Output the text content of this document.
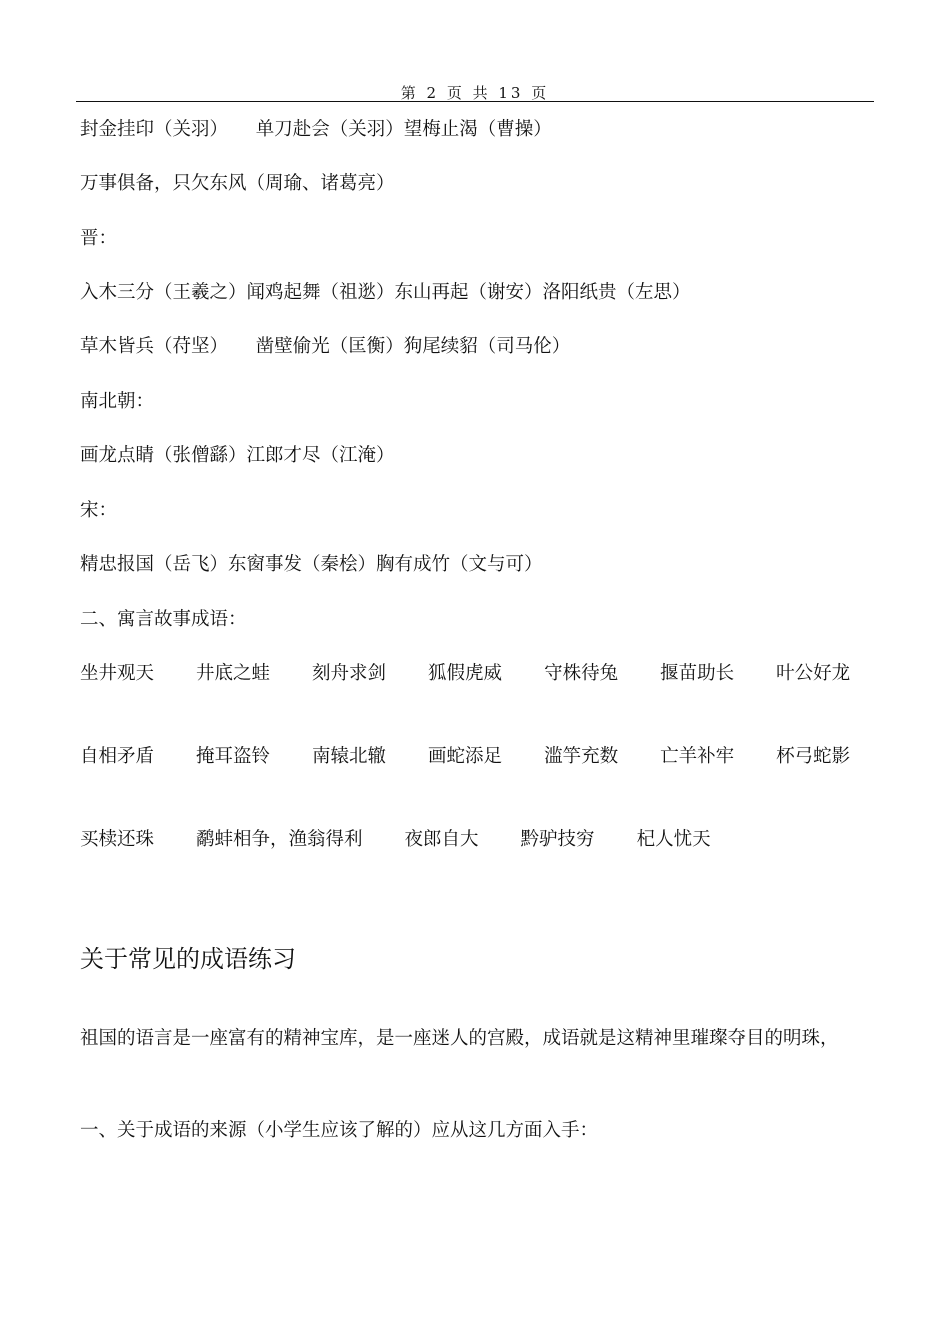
第 2 页 共 13 页
封金挂印（关羽）　　单刀赴会（关羽）望梅止渴（曹操）
万事俱备，只欠东风（周瑜、诸葛亮）
晋：
入木三分（王羲之）闻鸡起舞（祖逖）东山再起（谢安）洛阳纸贵（左思）
草木皆兵（苻坚）　　凿壁偷光（匡衡）狗尾续貂（司马伦）
南北朝：
画龙点睛（张僧繇）江郎才尽（江淹）
宋：
精忠报国（岳飞）东窗事发（秦桧）胸有成竹（文与可）
二、寓言故事成语：
坐井观天 井底之蛙 刻舟求剑 狐假虎威 守株待兔 揠苗助长 叶公好龙
自相矛盾 掩耳盗铃 南辕北辙 画蛇添足 滥竽充数 亡羊补牢 杯弓蛇影
买椟还珠 鹬蚌相争，渔翁得利 夜郎自大 黔驴技穷 杞人忧天
关于常见的成语练习
祖国的语言是一座富有的精神宝库，是一座迷人的宫殿，成语就是这精神里璀璨夺目的明珠，
一、关于成语的来源（小学生应该了解的）应从这几方面入手：
